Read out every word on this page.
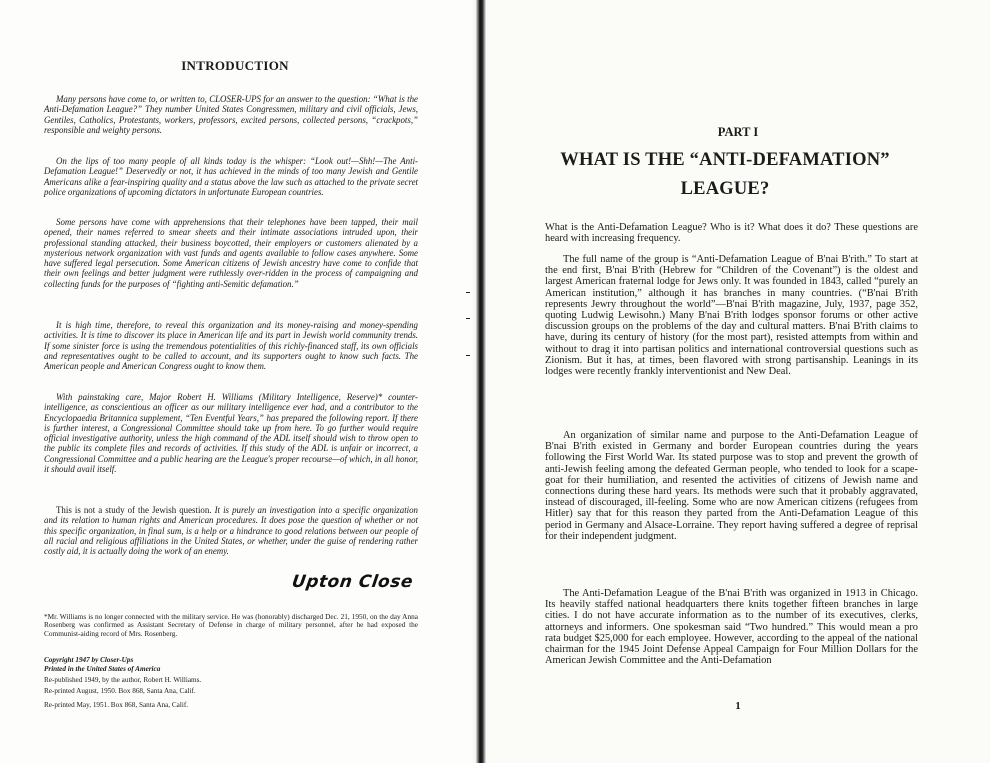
INTRODUCTION

Many persons have come to, or written to, CLOSER-UPS for an answer to the question: “What is the Anti-Defamation League?” They number United States Congressmen, military and civil officials, Jews, Gentiles, Catholics, Protestants, workers, professors, excited persons, collected persons, “crackpots,” responsible and weighty persons.

On the lips of too many people of all kinds today is the whisper: “Look out!—Shh!—The Anti-Defamation League!” Deservedly or not, it has achieved in the minds of too many Jewish and Gentile Americans alike a fear-inspiring quality and a status above the law such as attached to the private secret police organizations of upcoming dictators in unfortunate European countries.

Some persons have come with apprehensions that their telephones have been tapped, their mail opened, their names referred to smear sheets and their intimate associations intruded upon, their professional standing attacked, their business boycotted, their employers or customers alienated by a mysterious network organization with vast funds and agents available to follow cases anywhere. Some have suffered legal persecution. Some American citizens of Jewish ancestry have come to confide that their own feelings and better judgment were ruthlessly over-ridden in the process of campaigning and collecting funds for the purposes of “fighting anti-Semitic defamation.”

It is high time, therefore, to reveal this organization and its money-raising and money-spending activities. It is time to discover its place in American life and its part in Jewish world community trends. If some sinister force is using the tremendous potentialities of this richly-financed staff, its own officials and representatives ought to be called to account, and its supporters ought to know such facts. The American people and American Congress ought to know them.

With painstaking care, Major Robert H. Williams (Military Intelligence, Reserve)* counter-intelligence, as conscientious an officer as our military intelligence ever had, and a contributor to the Encyclopaedia Britannica supplement, “Ten Eventful Years,” has prepared the following report. If there is further interest, a Congressional Committee should take up from here. To go further would require official investigative authority, unless the high command of the ADL itself should wish to throw open to the public its complete files and records of activities. If this study of the ADL is unfair or incorrect, a Congressional Committee and a public hearing are the League's proper recourse—of which, in all honor, it should avail itself.

This is not a study of the Jewish question. It is purely an investigation into a specific organization and its relation to human rights and American procedures. It does pose the question of whether or not this specific organization, in final sum, is a help or a hindrance to good relations between our people of all racial and religious affiliations in the United States, or whether, under the guise of rendering rather costly aid, it is actually doing the work of an enemy.

Upton Close

*Mr. Williams is no longer connected with the military service. He was (honorably) discharged Dec. 21, 1950, on the day Anna Rosenberg was confirmed as Assistant Secretary of Defense in charge of military personnel, after he had exposed the Communist-aiding record of Mrs. Rosenberg.

Copyright 1947 by Closer-Ups

Printed in the United States of America

Re-published 1949, by the author, Robert H. Williams.

Re-printed August, 1950. Box 868, Santa Ana, Calif.

Re-printed May, 1951. Box 868, Santa Ana, Calif.

PART I
WHAT IS THE “ANTI-DEFAMATION” LEAGUE?

What is the Anti-Defamation League? Who is it? What does it do? These questions are heard with increasing frequency.

The full name of the group is “Anti-Defamation League of B'nai B'rith.” To start at the end first, B'nai B'rith (Hebrew for “Children of the Covenant”) is the oldest and largest American fraternal lodge for Jews only. It was founded in 1843, called “purely an American institution,” although it has branches in many countries. (“B'nai B'rith represents Jewry throughout the world”—B'nai B'rith magazine, July, 1937, page 352, quoting Ludwig Lewisohn.) Many B'nai B'rith lodges sponsor forums or other active discussion groups on the problems of the day and cultural matters. B'nai B'rith claims to have, during its century of history (for the most part), resisted attempts from within and without to drag it into partisan politics and international controversial questions such as Zionism. But it has, at times, been flavored with strong partisanship. Leanings in its lodges were recently frankly interventionist and New Deal.

An organization of similar name and purpose to the Anti-Defamation League of B'nai B'rith existed in Germany and border European countries during the years following the First World War. Its stated purpose was to stop and prevent the growth of anti-Jewish feeling among the defeated German people, who tended to look for a scape-goat for their humiliation, and resented the activities of citizens of Jewish name and connections during these hard years. Its methods were such that it probably aggravated, instead of discouraged, ill-feeling. Some who are now American citizens (refugees from Hitler) say that for this reason they parted from the Anti-Defamation League of this period in Germany and Alsace-Lorraine. They report having suffered a degree of reprisal for their independent judgment.

The Anti-Defamation League of the B'nai B'rith was organized in 1913 in Chicago. Its heavily staffed national headquarters there knits together fifteen branches in large cities. I do not have accurate information as to the number of its executives, clerks, attorneys and informers. One spokesman said “Two hundred.” This would mean a pro rata budget $25,000 for each employee. However, according to the appeal of the national chairman for the 1945 Joint Defense Appeal Campaign for Four Million Dollars for the American Jewish Committee and the Anti-Defamation

1
